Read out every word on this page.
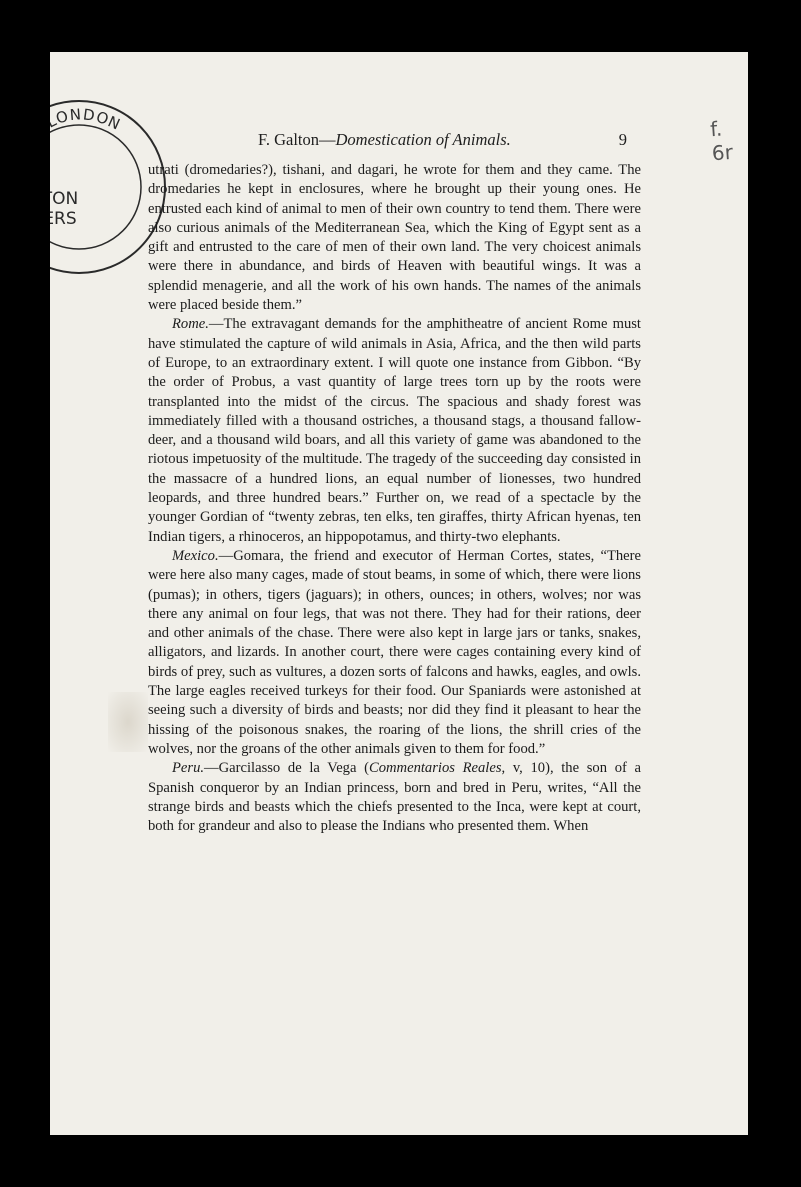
f. 6r
LLEGE LONDON
TON
ERS
F. Galton—Domestication of Animals.	9

utrati (dromedaries?), tishani, and dagari, he wrote for them and they came. The dromedaries he kept in enclosures, where he brought up their young ones. He entrusted each kind of animal to men of their own country to tend them. There were also curious animals of the Mediterranean Sea, which the King of Egypt sent as a gift and entrusted to the care of men of their own land. The very choicest animals were there in abundance, and birds of Heaven with beautiful wings. It was a splendid menagerie, and all the work of his own hands. The names of the animals were placed beside them.”

Rome.—The extravagant demands for the amphitheatre of ancient Rome must have stimulated the capture of wild animals in Asia, Africa, and the then wild parts of Europe, to an extraordinary extent. I will quote one instance from Gibbon. “By the order of Probus, a vast quantity of large trees torn up by the roots were transplanted into the midst of the circus. The spacious and shady forest was immediately filled with a thousand ostriches, a thousand stags, a thousand fallow-deer, and a thousand wild boars, and all this variety of game was abandoned to the riotous impetuosity of the multitude. The tragedy of the succeeding day consisted in the massacre of a hundred lions, an equal number of lionesses, two hundred leopards, and three hundred bears.” Further on, we read of a spectacle by the younger Gordian of “twenty zebras, ten elks, ten giraffes, thirty African hyenas, ten Indian tigers, a rhinoceros, an hippopotamus, and thirty-two elephants.

Mexico.—Gomara, the friend and executor of Herman Cortes, states, “There were here also many cages, made of stout beams, in some of which, there were lions (pumas); in others, tigers (jaguars); in others, ounces; in others, wolves; nor was there any animal on four legs, that was not there. They had for their rations, deer and other animals of the chase. There were also kept in large jars or tanks, snakes, alligators, and lizards. In another court, there were cages containing every kind of birds of prey, such as vultures, a dozen sorts of falcons and hawks, eagles, and owls. The large eagles received turkeys for their food. Our Spaniards were astonished at seeing such a diversity of birds and beasts; nor did they find it pleasant to hear the hissing of the poisonous snakes, the roaring of the lions, the shrill cries of the wolves, nor the groans of the other animals given to them for food.”

Peru.—Garcilasso de la Vega (Commentarios Reales, v, 10), the son of a Spanish conqueror by an Indian princess, born and bred in Peru, writes, “All the strange birds and beasts which the chiefs presented to the Inca, were kept at court, both for grandeur and also to please the Indians who presented them. When
